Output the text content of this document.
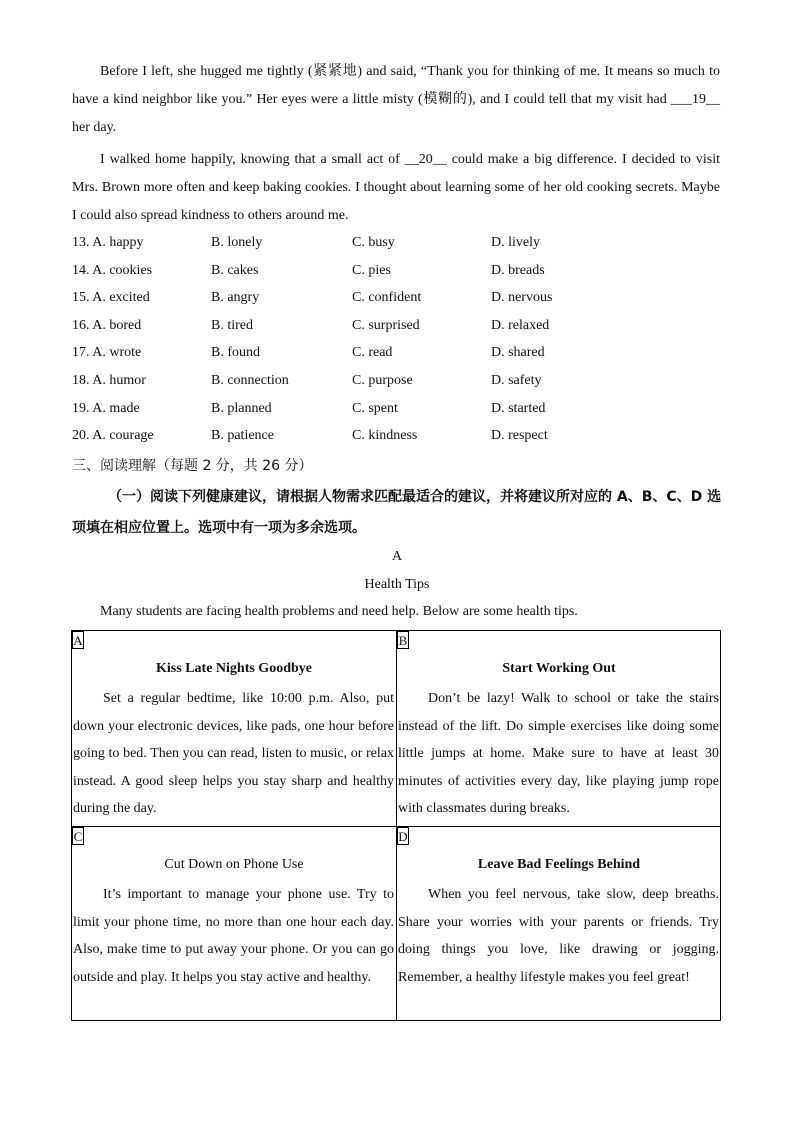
Before I left, she hugged me tightly (紧紧地) and said, “Thank you for thinking of me. It means so much to have a kind neighbor like you.” Her eyes were a little misty (模糊的), and I could tell that my visit had ___19__ her day.

I walked home happily, knowing that a small act of __20__ could make a big difference. I decided to visit Mrs. Brown more often and keep baking cookies. I thought about learning some of her old cooking secrets. Maybe I could also spread kindness to others around me.

13. A. happy	B. lonely	C. busy	D. lively
14. A. cookies	B. cakes	C. pies	D. breads
15. A. excited	B. angry	C. confident	D. nervous
16. A. bored	B. tired	C. surprised	D. relaxed
17. A. wrote	B. found	C. read	D. shared
18. A. humor	B. connection	C. purpose	D. safety
19. A. made	B. planned	C. spent	D. started
20. A. courage	B. patience	C. kindness	D. respect
三、阅读理解（每题 2 分，共 26 分）

（一）阅读下列健康建议，请根据人物需求匹配最适合的建议，并将建议所对应的 A、B、C、D 选项填在相应位置上。选项中有一项为多余选项。

A
Health Tips

Many students are facing health problems and need help. Below are some health tips.

A
Kiss Late Nights Goodbye

Set a regular bedtime, like 10:00 p.m. Also, put down your electronic devices, like pads, one hour before going to bed. Then you can read, listen to music, or relax instead. A good sleep helps you stay sharp and healthy during the day.

B
Start Working Out

Don’t be lazy! Walk to school or take the stairs instead of the lift. Do simple exercises like doing some little jumps at home. Make sure to have at least 30 minutes of activities every day, like playing jump rope with classmates during breaks.

C
Cut Down on Phone Use

It’s important to manage your phone use. Try to limit your phone time, no more than one hour each day. Also, make time to put away your phone. Or you can go outside and play. It helps you stay active and healthy.

D
Leave Bad Feelings Behind

When you feel nervous, take slow, deep breaths. Share your worries with your parents or friends. Try doing things you love, like drawing or jogging. Remember, a healthy lifestyle makes you feel great!
